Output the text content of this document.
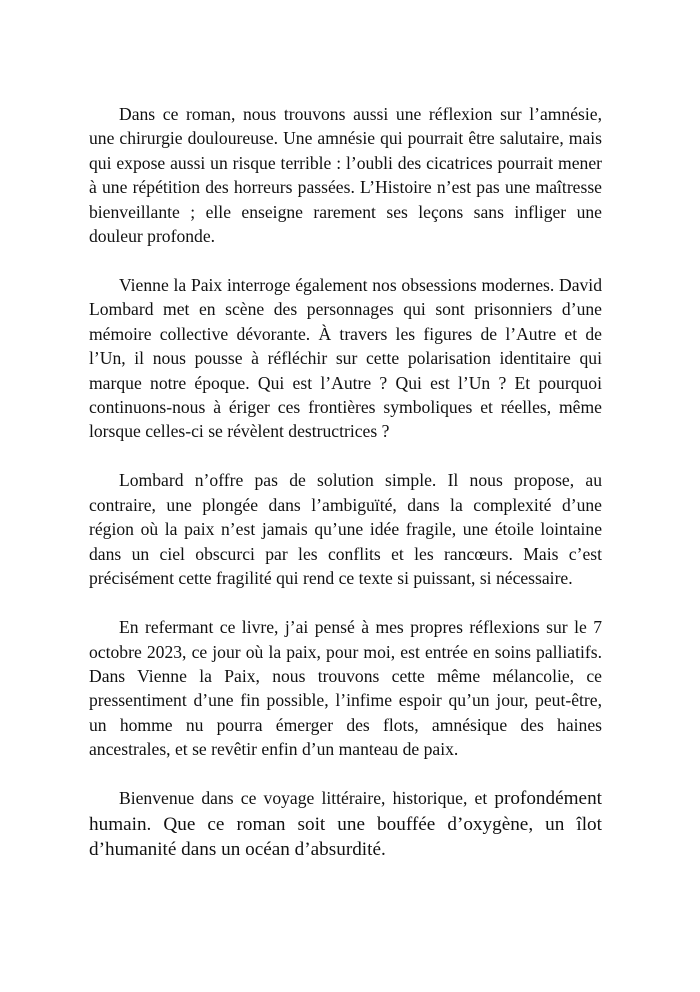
Dans ce roman, nous trouvons aussi une réflexion sur l’amnésie, une chirurgie douloureuse. Une amnésie qui pourrait être salutaire, mais qui expose aussi un risque terrible : l’oubli des cicatrices pourrait mener à une répétition des horreurs passées. L’Histoire n’est pas une maîtresse bienveillante ; elle enseigne rarement ses leçons sans infliger une douleur profonde.

Vienne la Paix interroge également nos obsessions modernes. David Lombard met en scène des personnages qui sont prisonniers d’une mémoire collective dévorante. À travers les figures de l’Autre et de l’Un, il nous pousse à réfléchir sur cette polarisation identitaire qui marque notre époque. Qui est l’Autre ? Qui est l’Un ? Et pourquoi continuons-nous à ériger ces frontières symboliques et réelles, même lorsque celles-ci se révèlent destructrices ?

Lombard n’offre pas de solution simple. Il nous propose, au contraire, une plongée dans l’ambiguïté, dans la complexité d’une région où la paix n’est jamais qu’une idée fragile, une étoile lointaine dans un ciel obscurci par les conflits et les rancœurs. Mais c’est précisément cette fragilité qui rend ce texte si puissant, si nécessaire.

En refermant ce livre, j’ai pensé à mes propres réflexions sur le 7 octobre 2023, ce jour où la paix, pour moi, est entrée en soins palliatifs. Dans Vienne la Paix, nous trouvons cette même mélancolie, ce pressentiment d’une fin possible, l’infime espoir qu’un jour, peut-être, un homme nu pourra émerger des flots, amnésique des haines ancestrales, et se revêtir enfin d’un manteau de paix.

Bienvenue dans ce voyage littéraire, historique, et profondément humain. Que ce roman soit une bouffée d’oxygène, un îlot d’humanité dans un océan d’absurdité.
